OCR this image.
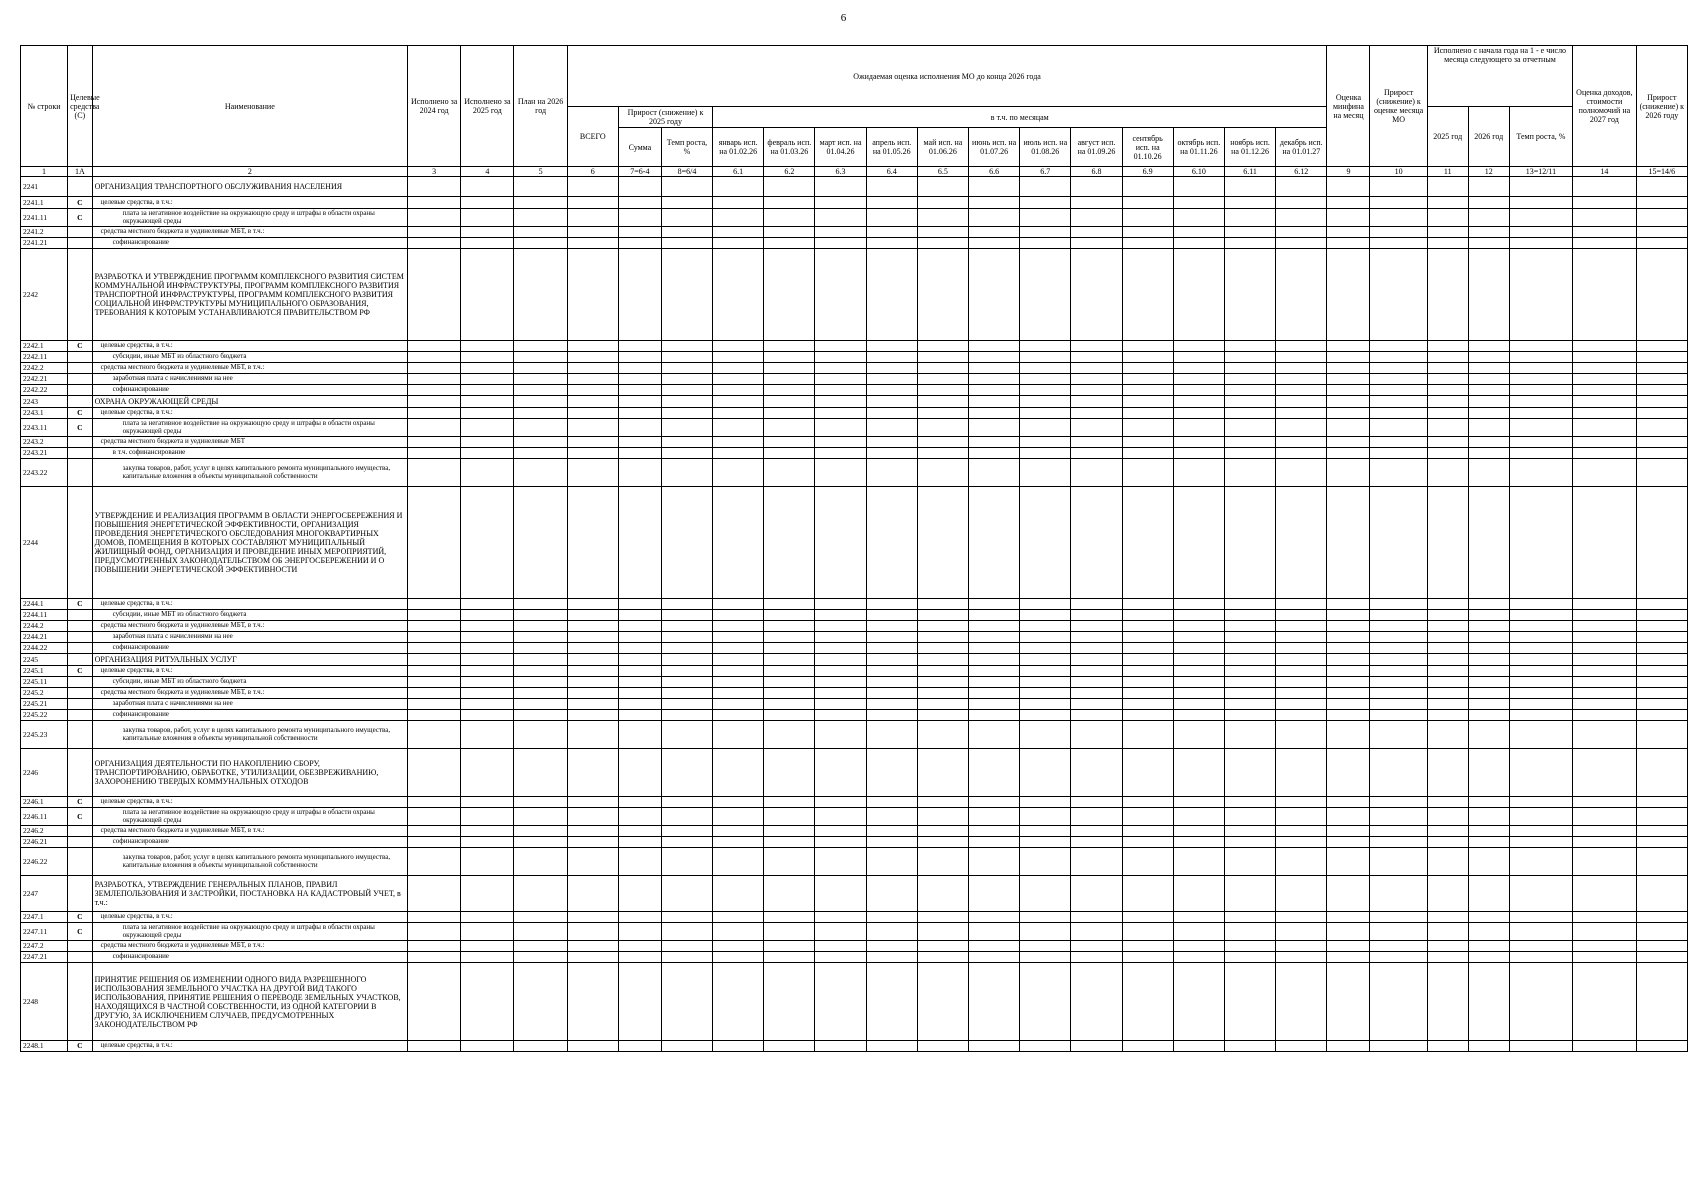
6
№ строки	Целевые средства (С)	Наименование	Исполнено за 2024 год	Исполнено за 2025 год	План на 2026 год	Ожидаемая оценка исполнения МО до конца 2026 года															Оценка минфина на месяц	Прирост (снижение) к оценке месяца МО	Исполнено с начала года на 1 - е число месяца следующего за отчетным			Оценка доходов, стоимости полномочий на 2027 год	Прирост (снижение) к 2026 году
						ВСЕГО	Прирост (снижение) к 2025 году		в т.ч. по месяцам														2025 год	2026 год	Темп роста, %		
							Сумма	Темп роста, %	январь исп. на 01.02.26	февраль исп. на 01.03.26	март исп. на 01.04.26	апрель исп. на 01.05.26	май исп. на 01.06.26	июнь исп. на 01.07.26	июль исп. на 01.08.26	август исп. на 01.09.26	сентябрь исп. на 01.10.26	октябрь исп. на 01.11.26	ноябрь исп. на 01.12.26	декабрь исп. на 01.01.27							
1	1А	2	3	4	5	6	7=6-4	8=6/4	6.1	6.2	6.3	6.4	6.5	6.6	6.7	6.8	6.9	6.10	6.11	6.12	9	10	11	12	13=12/11	14	15=14/6
2241		ОРГАНИЗАЦИЯ ТРАНСПОРТНОГО ОБСЛУЖИВАНИЯ НАСЕЛЕНИЯ																									
2241.1	С	целевые средства, в т.ч.:																									
2241.11	С	плата за негативное воздействие на окружающую среду и штрафы в области охраны окружающей среды																									
2241.2		средства местного бюджета и уединелевые МБТ, в т.ч.:																									
2241.21		софинансирование																									
2242		РАЗРАБОТКА И УТВЕРЖДЕНИЕ ПРОГРАММ КОМПЛЕКСНОГО РАЗВИТИЯ СИСТЕМ КОММУНАЛЬНОЙ ИНФРАСТРУКТУРЫ, ПРОГРАММ КОМПЛЕКСНОГО РАЗВИТИЯ ТРАНСПОРТНОЙ ИНФРАСТРУКТУРЫ, ПРОГРАММ КОМПЛЕКСНОГО РАЗВИТИЯ СОЦИАЛЬНОЙ ИНФРАСТРУКТУРЫ МУНИЦИПАЛЬНОГО ОБРАЗОВАНИЯ, ТРЕБОВАНИЯ К КОТОРЫМ УСТАНАВЛИВАЮТСЯ ПРАВИТЕЛЬСТВОМ РФ																									
2242.1	С	целевые средства, в т.ч.:																									
2242.11		субсидии, иные МБТ из областного бюджета																									
2242.2		средства местного бюджета и уединелевые МБТ, в т.ч.:																									
2242.21		заработная плата с начислениями на нее																									
2242.22		софинансирование																									
2243		ОХРАНА ОКРУЖАЮЩЕЙ СРЕДЫ																									
2243.1	С	целевые средства, в т.ч.:																									
2243.11	С	плата за негативное воздействие на окружающую среду и штрафы в области охраны окружающей среды																									
2243.2		средства местного бюджета и уединелевые МБТ																									
2243.21		в т.ч. софинансирование																									
2243.22		закупка товаров, работ, услуг в целях капитального ремонта муниципального имущества, капитальные вложения в объекты муниципальной собственности																									
2244		УТВЕРЖДЕНИЕ И РЕАЛИЗАЦИЯ ПРОГРАММ В ОБЛАСТИ ЭНЕРГОСБЕРЕЖЕНИЯ И ПОВЫШЕНИЯ ЭНЕРГЕТИЧЕСКОЙ ЭФФЕКТИВНОСТИ, ОРГАНИЗАЦИЯ ПРОВЕДЕНИЯ ЭНЕРГЕТИЧЕСКОГО ОБСЛЕДОВАНИЯ МНОГОКВАРТИРНЫХ ДОМОВ, ПОМЕЩЕНИЯ В КОТОРЫХ СОСТАВЛЯЮТ МУНИЦИПАЛЬНЫЙ ЖИЛИЩНЫЙ ФОНД, ОРГАНИЗАЦИЯ И ПРОВЕДЕНИЕ ИНЫХ МЕРОПРИЯТИЙ, ПРЕДУСМОТРЕННЫХ ЗАКОНОДАТЕЛЬСТВОМ ОБ ЭНЕРГОСБЕРЕЖЕНИИ И О ПОВЫШЕНИИ ЭНЕРГЕТИЧЕСКОЙ ЭФФЕКТИВНОСТИ																									
2244.1	С	целевые средства, в т.ч.:																									
2244.11		субсидии, иные МБТ из областного бюджета																									
2244.2		средства местного бюджета и уединелевые МБТ, в т.ч.:																									
2244.21		заработная плата с начислениями на нее																									
2244.22		софинансирование																									
2245		ОРГАНИЗАЦИЯ РИТУАЛЬНЫХ УСЛУГ																									
2245.1	С	целевые средства, в т.ч.:																									
2245.11		субсидии, иные МБТ из областного бюджета																									
2245.2		средства местного бюджета и уединелевые МБТ, в т.ч.:																									
2245.21		заработная плата с начислениями на нее																									
2245.22		софинансирование																									
2245.23		закупка товаров, работ, услуг в целях капитального ремонта муниципального имущества, капитальные вложения в объекты муниципальной собственности																									
2246		ОРГАНИЗАЦИЯ ДЕЯТЕЛЬНОСТИ ПО НАКОПЛЕНИЮ СБОРУ, ТРАНСПОРТИРОВАНИЮ, ОБРАБОТКЕ, УТИЛИЗАЦИИ, ОБЕЗВРЕЖИВАНИЮ, ЗАХОРОНЕНИЮ ТВЕРДЫХ КОММУНАЛЬНЫХ ОТХОДОВ																									
2246.1	С	целевые средства, в т.ч.:																									
2246.11	С	плата за негативное воздействие на окружающую среду и штрафы в области охраны окружающей среды																									
2246.2		средства местного бюджета и уединелевые МБТ, в т.ч.:																									
2246.21		софинансирование																									
2246.22		закупка товаров, работ, услуг в целях капитального ремонта муниципального имущества, капитальные вложения в объекты муниципальной собственности																									
2247		РАЗРАБОТКА, УТВЕРЖДЕНИЕ ГЕНЕРАЛЬНЫХ ПЛАНОВ, ПРАВИЛ ЗЕМЛЕПОЛЬЗОВАНИЯ И ЗАСТРОЙКИ, ПОСТАНОВКА НА КАДАСТРОВЫЙ УЧЕТ, в т.ч.:																									
2247.1	С	целевые средства, в т.ч.:																									
2247.11	С	плата за негативное воздействие на окружающую среду и штрафы в области охраны окружающей среды																									
2247.2		средства местного бюджета и уединелевые МБТ, в т.ч.:																									
2247.21		софинансирование																									
2248		ПРИНЯТИЕ РЕШЕНИЯ ОБ ИЗМЕНЕНИИ ОДНОГО ВИДА РАЗРЕШЕННОГО ИСПОЛЬЗОВАНИЯ ЗЕМЕЛЬНОГО УЧАСТКА НА ДРУГОЙ ВИД ТАКОГО ИСПОЛЬЗОВАНИЯ, ПРИНЯТИЕ РЕШЕНИЯ О ПЕРЕВОДЕ ЗЕМЕЛЬНЫХ УЧАСТКОВ, НАХОДЯЩИХСЯ В ЧАСТНОЙ СОБСТВЕННОСТИ, ИЗ ОДНОЙ КАТЕГОРИИ В ДРУГУЮ, ЗА ИСКЛЮЧЕНИЕМ СЛУЧАЕВ, ПРЕДУСМОТРЕННЫХ ЗАКОНОДАТЕЛЬСТВОМ РФ																									
2248.1	С	целевые средства, в т.ч.:																									
